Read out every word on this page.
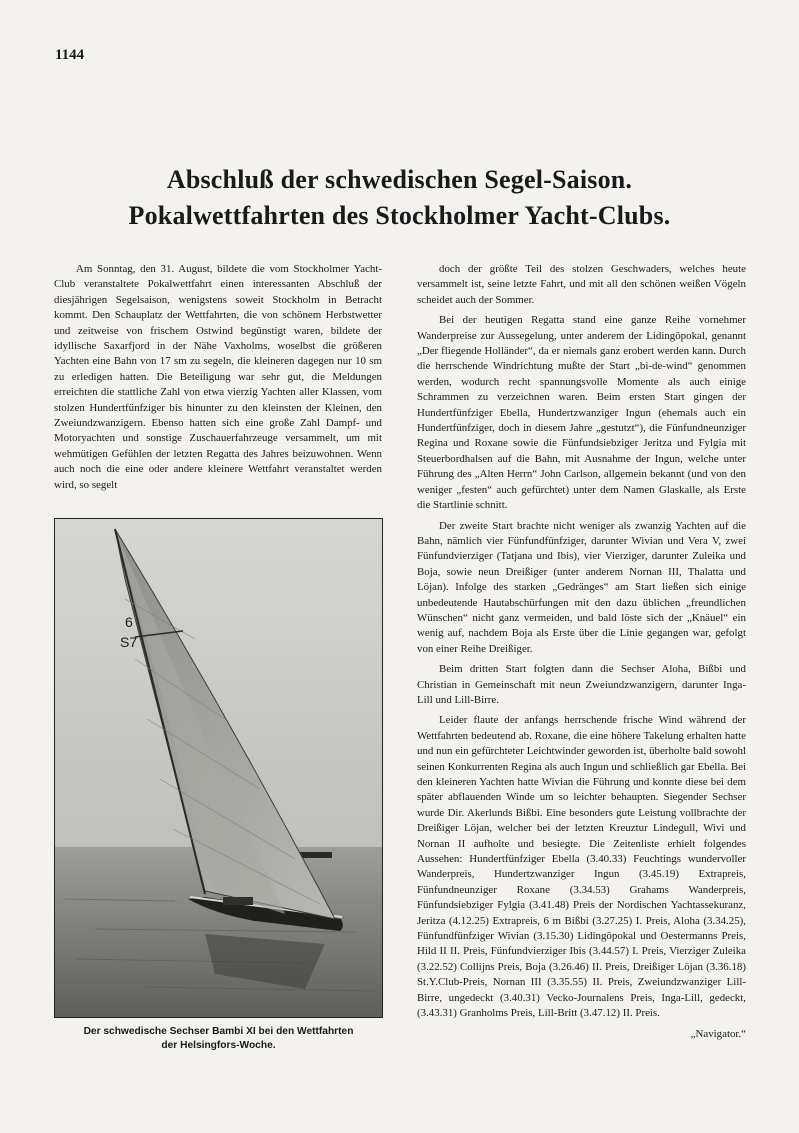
1144
Abschluß der schwedischen Segel-Saison.
Pokalwettfahrten des Stockholmer Yacht-Clubs.

Am Sonntag, den 31. August, bildete die vom Stockholmer Yacht-Club veranstaltete Pokalwettfahrt einen interessanten Abschluß der diesjährigen Segelsaison, wenigstens soweit Stockholm in Betracht kommt. Den Schauplatz der Wettfahrten, die von schönem Herbstwetter und zeitweise von frischem Ostwind begünstigt waren, bildete der idyllische Saxarfjord in der Nähe Vaxholms, woselbst die größeren Yachten eine Bahn von 17 sm zu segeln, die kleineren dagegen nur 10 sm zu erledigen hatten. Die Beteiligung war sehr gut, die Meldungen erreichten die stattliche Zahl von etwa vierzig Yachten aller Klassen, vom stolzen Hundertfünfziger bis hinunter zu den kleinsten der Kleinen, den Zweiundzwanzigern. Ebenso hatten sich eine große Zahl Dampf- und Motoryachten und sonstige Zuschauerfahrzeuge versammelt, um mit wehmütigen Gefühlen der letzten Regatta des Jahres beizuwohnen. Wenn auch noch die eine oder andere kleinere Wettfahrt veranstaltet werden wird, so segelt

6
S7
Der schwedische Sechser Bambi XI bei den Wettfahrten
der Helsingfors-Woche.

doch der größte Teil des stolzen Geschwaders, welches heute versammelt ist, seine letzte Fahrt, und mit all den schönen weißen Vögeln scheidet auch der Sommer.

Bei der heutigen Regatta stand eine ganze Reihe vornehmer Wanderpreise zur Aussegelung, unter anderem der Lidingöpokal, genannt „Der fliegende Holländer“, da er niemals ganz erobert werden kann. Durch die herrschende Windrichtung mußte der Start „bi-de-wind“ genommen werden, wodurch recht spannungsvolle Momente als auch einige Schrammen zu verzeichnen waren. Beim ersten Start gingen der Hundertfünfziger Ebella, Hundertzwanziger Ingun (ehemals auch ein Hundertfünfziger, doch in diesem Jahre „gestutzt“), die Fünfundneunziger Regina und Roxane sowie die Fünfundsiebziger Jeritza und Fylgia mit Steuerbordhalsen auf die Bahn, mit Ausnahme der Ingun, welche unter Führung des „Alten Herrn“ John Carlson, allgemein bekannt (und von den weniger „festen“ auch gefürchtet) unter dem Namen Glaskalle, als Erste die Startlinie schnitt.

Der zweite Start brachte nicht weniger als zwanzig Yachten auf die Bahn, nämlich vier Fünfundfünfziger, darunter Wivian und Vera V, zwei Fünfundvierziger (Tatjana und Ibis), vier Vierziger, darunter Zuleika und Boja, sowie neun Dreißiger (unter anderem Nornan III, Thalatta und Löjan). Infolge des starken „Gedränges“ am Start ließen sich einige unbedeutende Hautabschürfungen mit den dazu üblichen „freundlichen Wünschen“ nicht ganz vermeiden, und bald löste sich der „Knäuel“ ein wenig auf, nachdem Boja als Erste über die Linie gegangen war, gefolgt von einer Reihe Dreißiger.

Beim dritten Start folgten dann die Sechser Aloha, Bißbi und Christian in Gemeinschaft mit neun Zweiundzwanzigern, darunter Inga-Lill und Lill-Birre.

Leider flaute der anfangs herrschende frische Wind während der Wettfahrten bedeutend ab. Roxane, die eine höhere Takelung erhalten hatte und nun ein gefürchteter Leichtwinder geworden ist, überholte bald sowohl seinen Konkurrenten Regina als auch Ingun und schließlich gar Ebella. Bei den kleineren Yachten hatte Wivian die Führung und konnte diese bei dem später abflauenden Winde um so leichter behaupten. Siegender Sechser wurde Dir. Akerlunds Bißbi. Eine besonders gute Leistung vollbrachte der Dreißiger Löjan, welcher bei der letzten Kreuztur Lindegull, Wivi und Nornan II aufholte und besiegte. Die Zeitenliste erhielt folgendes Aussehen: Hundertfünfziger Ebella (3.40.33) Feuchtings wundervoller Wanderpreis, Hundertzwanziger Ingun (3.45.19) Extrapreis, Fünfundneunziger Roxane (3.34.53) Grahams Wanderpreis, Fünfundsiebziger Fylgia (3.41.48) Preis der Nordischen Yachtassekuranz, Jeritza (4.12.25) Extrapreis, 6 m Bißbi (3.27.25) I. Preis, Aloha (3.34.25), Fünfundfünfziger Wivian (3.15.30) Lidingöpokal und Oestermanns Preis, Hild II II. Preis, Fünfundvierziger Ibis (3.44.57) I. Preis, Vierziger Zuleika (3.22.52) Collijns Preis, Boja (3.26.46) II. Preis, Dreißiger Löjan (3.36.18) St.Y.Club-Preis, Nornan III (3.35.55) II. Preis, Zweiundzwanziger Lill-Birre, ungedeckt (3.40.31) Vecko-Journalens Preis, Inga-Lill, gedeckt, (3.43.31) Granholms Preis, Lill-Britt (3.47.12) II. Preis.

„Navigator.“
